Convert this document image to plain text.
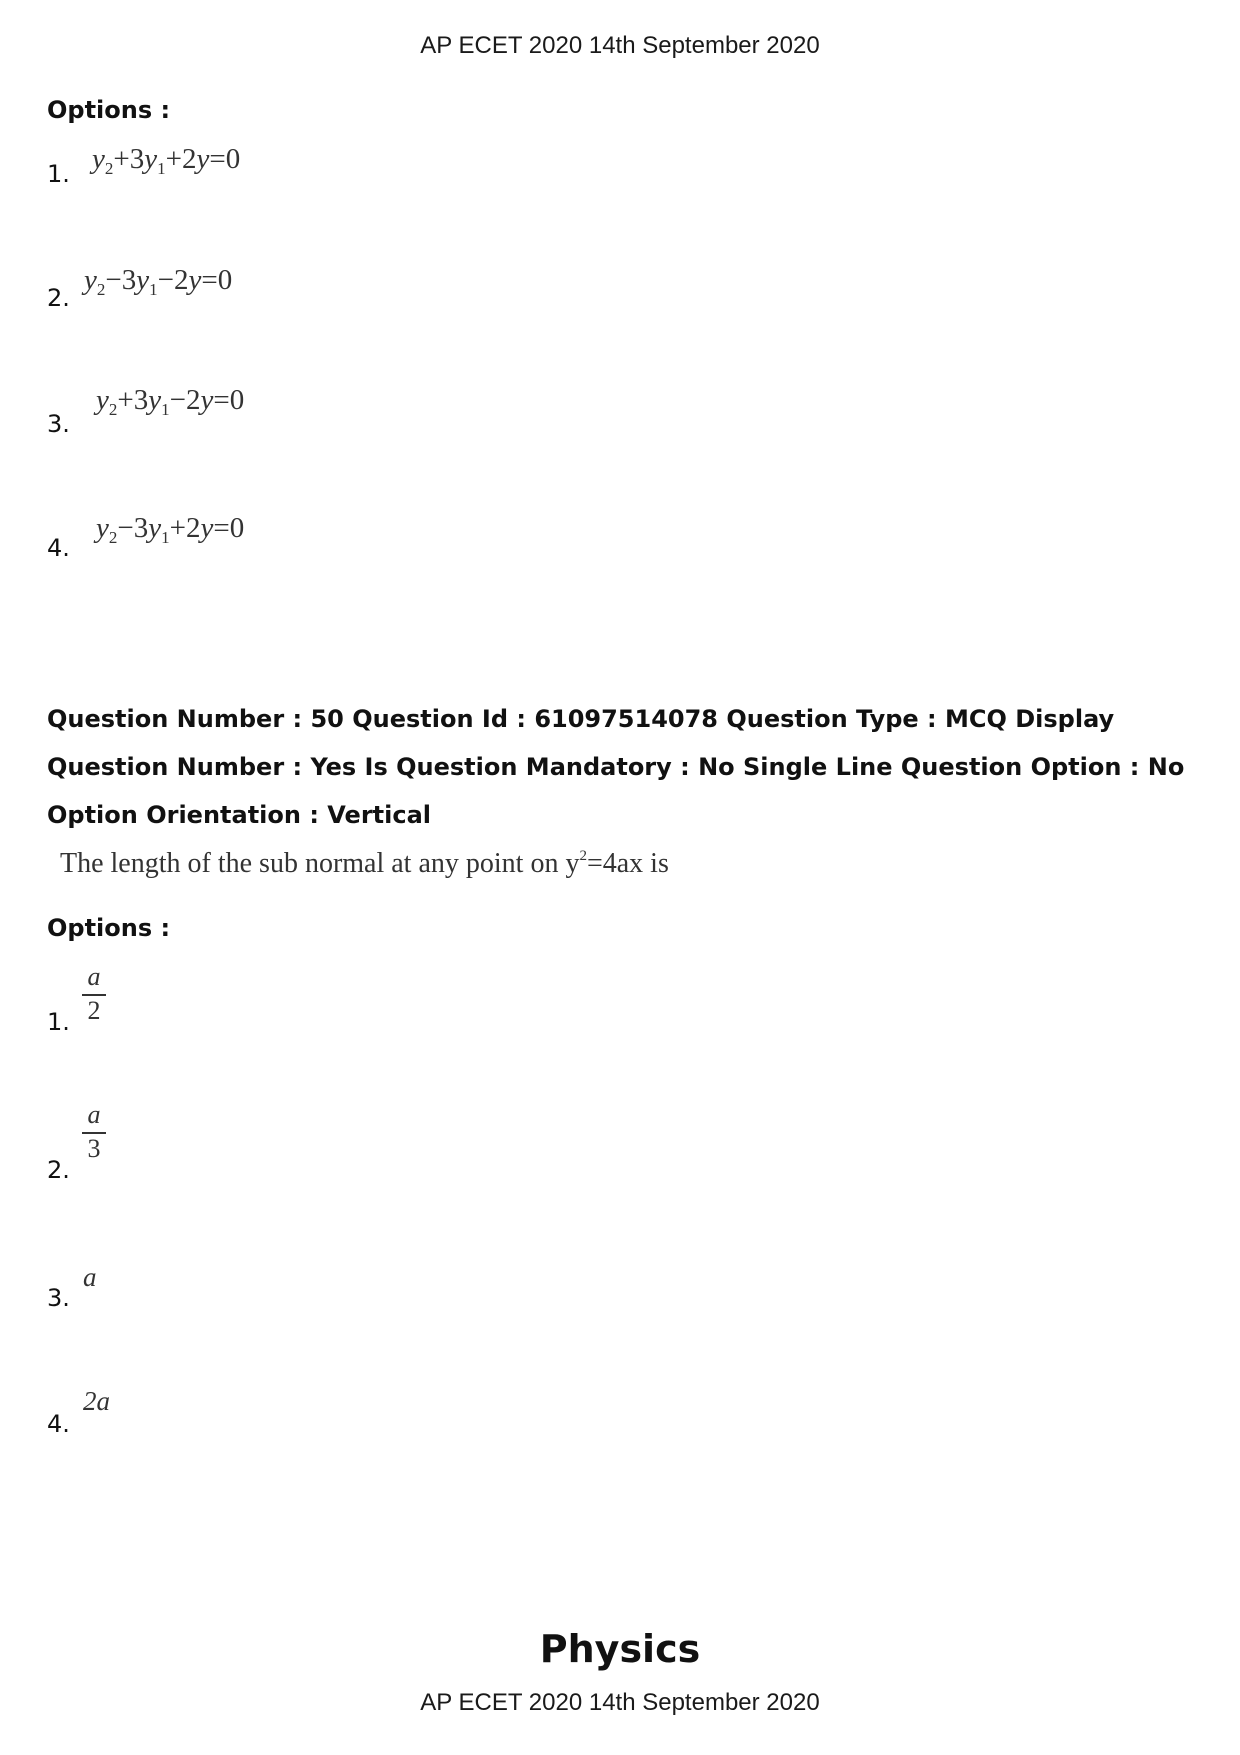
AP ECET 2020 14th September 2020
Options :
1. $y_2+3y_1+2y=0$
2.
$y_2-3y_1-2y=0$
3.
$y_2+3y_1-2y=0$
4.
$y_2-3y_1+2y=0$
Question Number : 50 Question Id : 61097514078 Question Type : MCQ Display Question Number : Yes Is Question Mandatory : No Single Line Question Option : No Option Orientation : Vertical
The length of the sub normal at any point on $y^2=4ax$ is
Options :
1.
a
2
2.
a
3
3.
a
4.
2a
Physics
AP ECET 2020 14th September 2020
